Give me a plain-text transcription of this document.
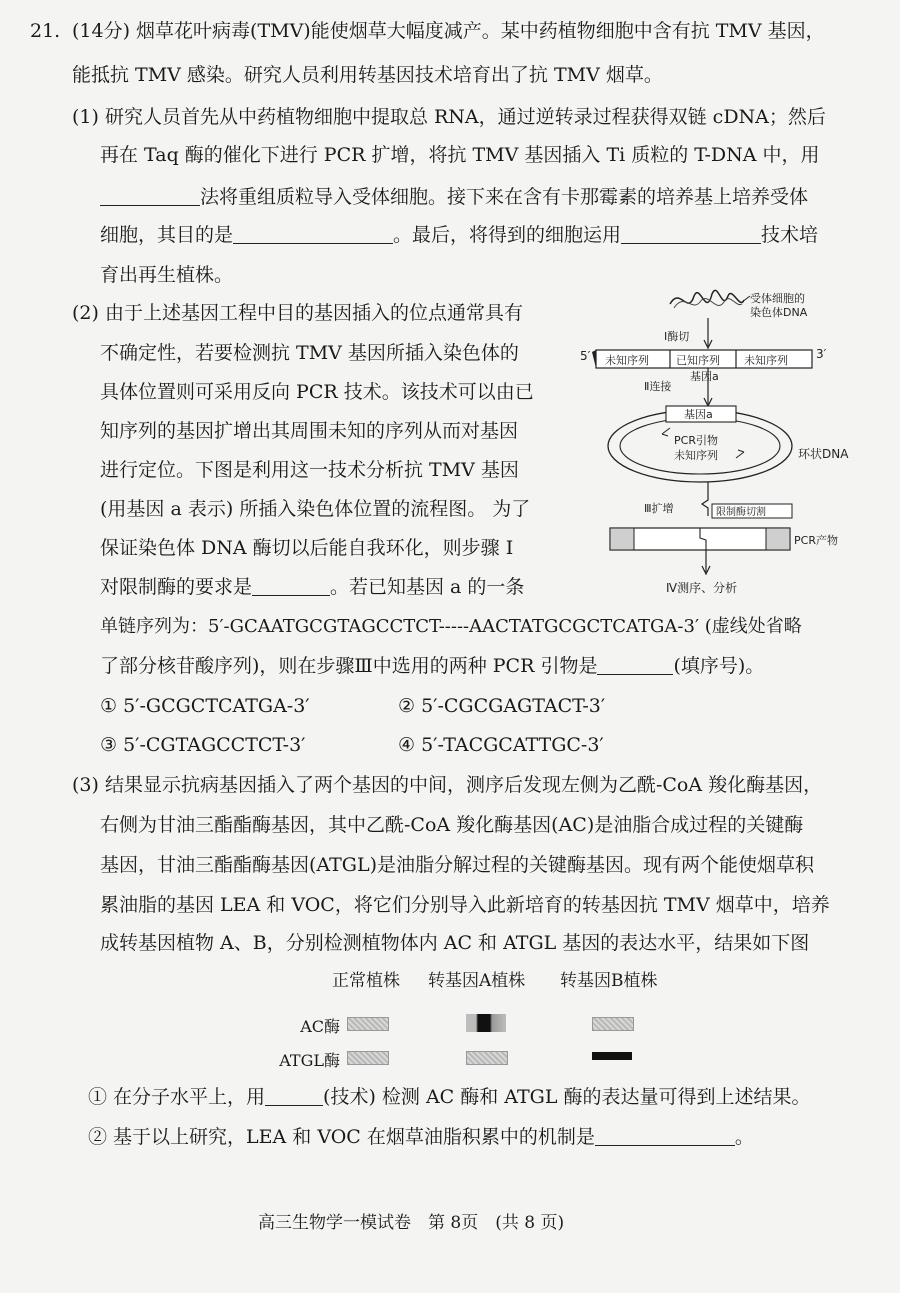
21. (14分) 烟草花叶病毒(TMV)能使烟草大幅度减产。某中药植物细胞中含有抗 TMV 基因，
能抵抗 TMV 感染。研究人员利用转基因技术培育出了抗 TMV 烟草。
(1) 研究人员首先从中药植物细胞中提取总 RNA，通过逆转录过程获得双链 cDNA；然后
再在 Taq 酶的催化下进行 PCR 扩增，将抗 TMV 基因插入 Ti 质粒的 T-DNA 中，用
法将重组质粒导入受体细胞。接下来在含有卡那霉素的培养基上培养受体
细胞，其目的是	。最后，将得到的细胞运用	技术培
育出再生植株。
(2) 由于上述基因工程中目的基因插入的位点通常具有
不确定性，若要检测抗 TMV 基因所插入染色体的
具体位置则可采用反向 PCR 技术。该技术可以由已
知序列的基因扩增出其周围未知的序列从而对基因
进行定位。下图是利用这一技术分析抗 TMV 基因
(用基因 a 表示) 所插入染色体位置的流程图。 为了
保证染色体 DNA 酶切以后能自我环化，则步骤 I
对限制酶的要求是	。若已知基因 a 的一条
单链序列为：5′-GCAATGCGTAGCCTCT-----AACTATGCGCTCATGA-3′ (虚线处省略
了部分核苷酸序列)，则在步骤Ⅲ中选用的两种 PCR 引物是	(填序号)。
① 5′-GCGCTCATGA-3′	② 5′-CGCGAGTACT-3′
③ 5′-CGTAGCCTCT-3′	④ 5′-TACGCATTGC-3′
受体细胞的
染色体DNA
Ⅰ酶切
5′	3′
未知序列 已知序列 未知序列
Ⅱ连接
基因a
基因a
PCR引物
未知序列	环状DNA
Ⅲ扩增	限制酶切割
PCR产物
Ⅳ测序、分析
(3) 结果显示抗病基因插入了两个基因的中间，测序后发现左侧为乙酰-CoA 羧化酶基因，
右侧为甘油三酯酯酶基因，其中乙酰-CoA 羧化酶基因(AC)是油脂合成过程的关键酶
基因，甘油三酯酯酶基因(ATGL)是油脂分解过程的关键酶基因。现有两个能使烟草积
累油脂的基因 LEA 和 VOC，将它们分别导入此新培育的转基因抗 TMV 烟草中，培养
成转基因植物 A、B，分别检测植物体内 AC 和 ATGL 基因的表达水平，结果如下图
正常植株 转基因A植株 转基因B植株
AC酶
ATGL酶
① 在分子水平上，用	(技术) 检测 AC 酶和 ATGL 酶的表达量可得到上述结果。
② 基于以上研究，LEA 和 VOC 在烟草油脂积累中的机制是	。
高三生物学一模试卷　第 8页　(共 8 页)
